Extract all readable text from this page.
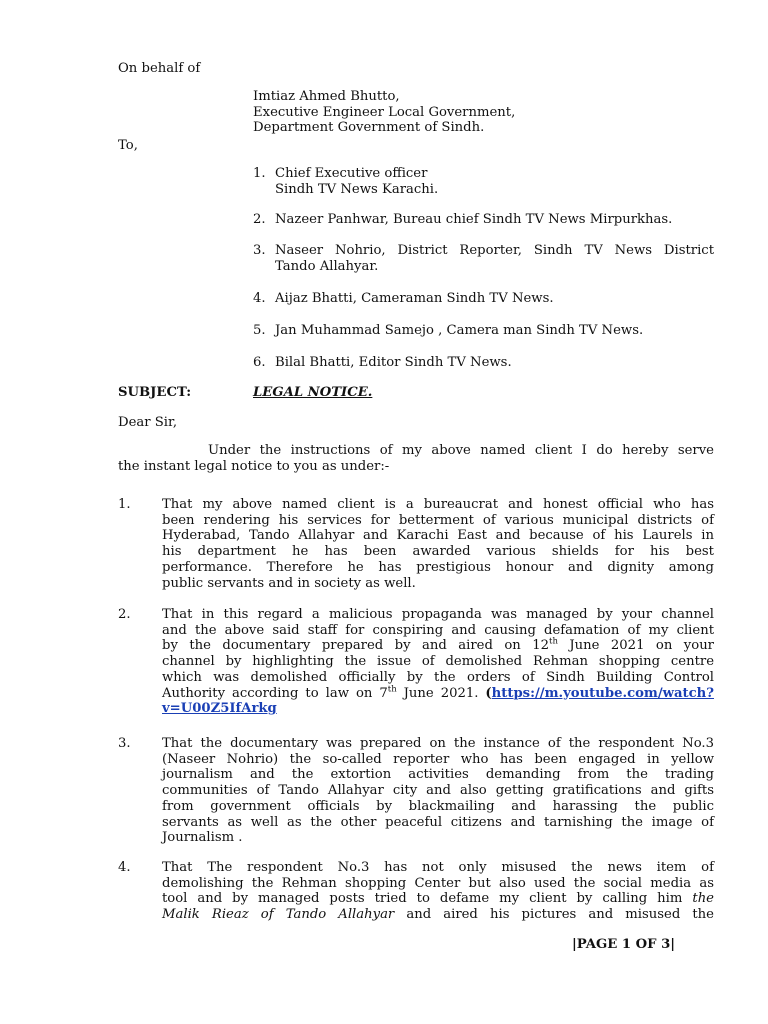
On behalf of
Imtiaz Ahmed Bhutto,
Executive Engineer Local Government,
Department Government of Sindh.
To,
1. Chief Executive officer
Sindh TV News Karachi.
2. Nazeer Panhwar, Bureau chief Sindh TV News Mirpurkhas.
3. Naseer Nohrio, District Reporter, Sindh TV News District
Tando Allahyar.
4. Aijaz Bhatti, Cameraman Sindh TV News.
5. Jan Muhammad Samejo , Camera man Sindh TV News.
6. Bilal Bhatti, Editor Sindh TV News.
SUBJECT:	LEGAL NOTICE.
Dear Sir,
Under the instructions of my above named client I do hereby serve
the instant legal notice to you as under:-
1. That my above named client is a bureaucrat and honest official who has
been rendering his services for betterment of various municipal districts of
Hyderabad, Tando Allahyar and Karachi East and because of his Laurels in
his department he has been awarded various shields for his best
performance. Therefore he has prestigious honour and dignity among
public servants and in society as well.
2. That in this regard a malicious propaganda was managed by your channel
and the above said staff for conspiring and causing defamation of my client
by the documentary prepared by and aired on 12th June 2021 on your
channel by highlighting the issue of demolished Rehman shopping centre
which was demolished officially by the orders of Sindh Building Control
Authority according to law on 7th June 2021. (https://m.youtube.com/watch?
v=U00Z5IfArkg
3. That the documentary was prepared on the instance of the respondent No.3
(Naseer Nohrio) the so-called reporter who has been engaged in yellow
journalism and the extortion activities demanding from the trading
communities of Tando Allahyar city and also getting gratifications and gifts
from government officials by blackmailing and harassing the public
servants as well as the other peaceful citizens and tarnishing the image of
Journalism .
4. That The respondent No.3 has not only misused the news item of
demolishing the Rehman shopping Center but also used the social media as
tool and by managed posts tried to defame my client by calling him the
Malik Rieaz of Tando Allahyar and aired his pictures and misused the
|PAGE 1 OF 3|
